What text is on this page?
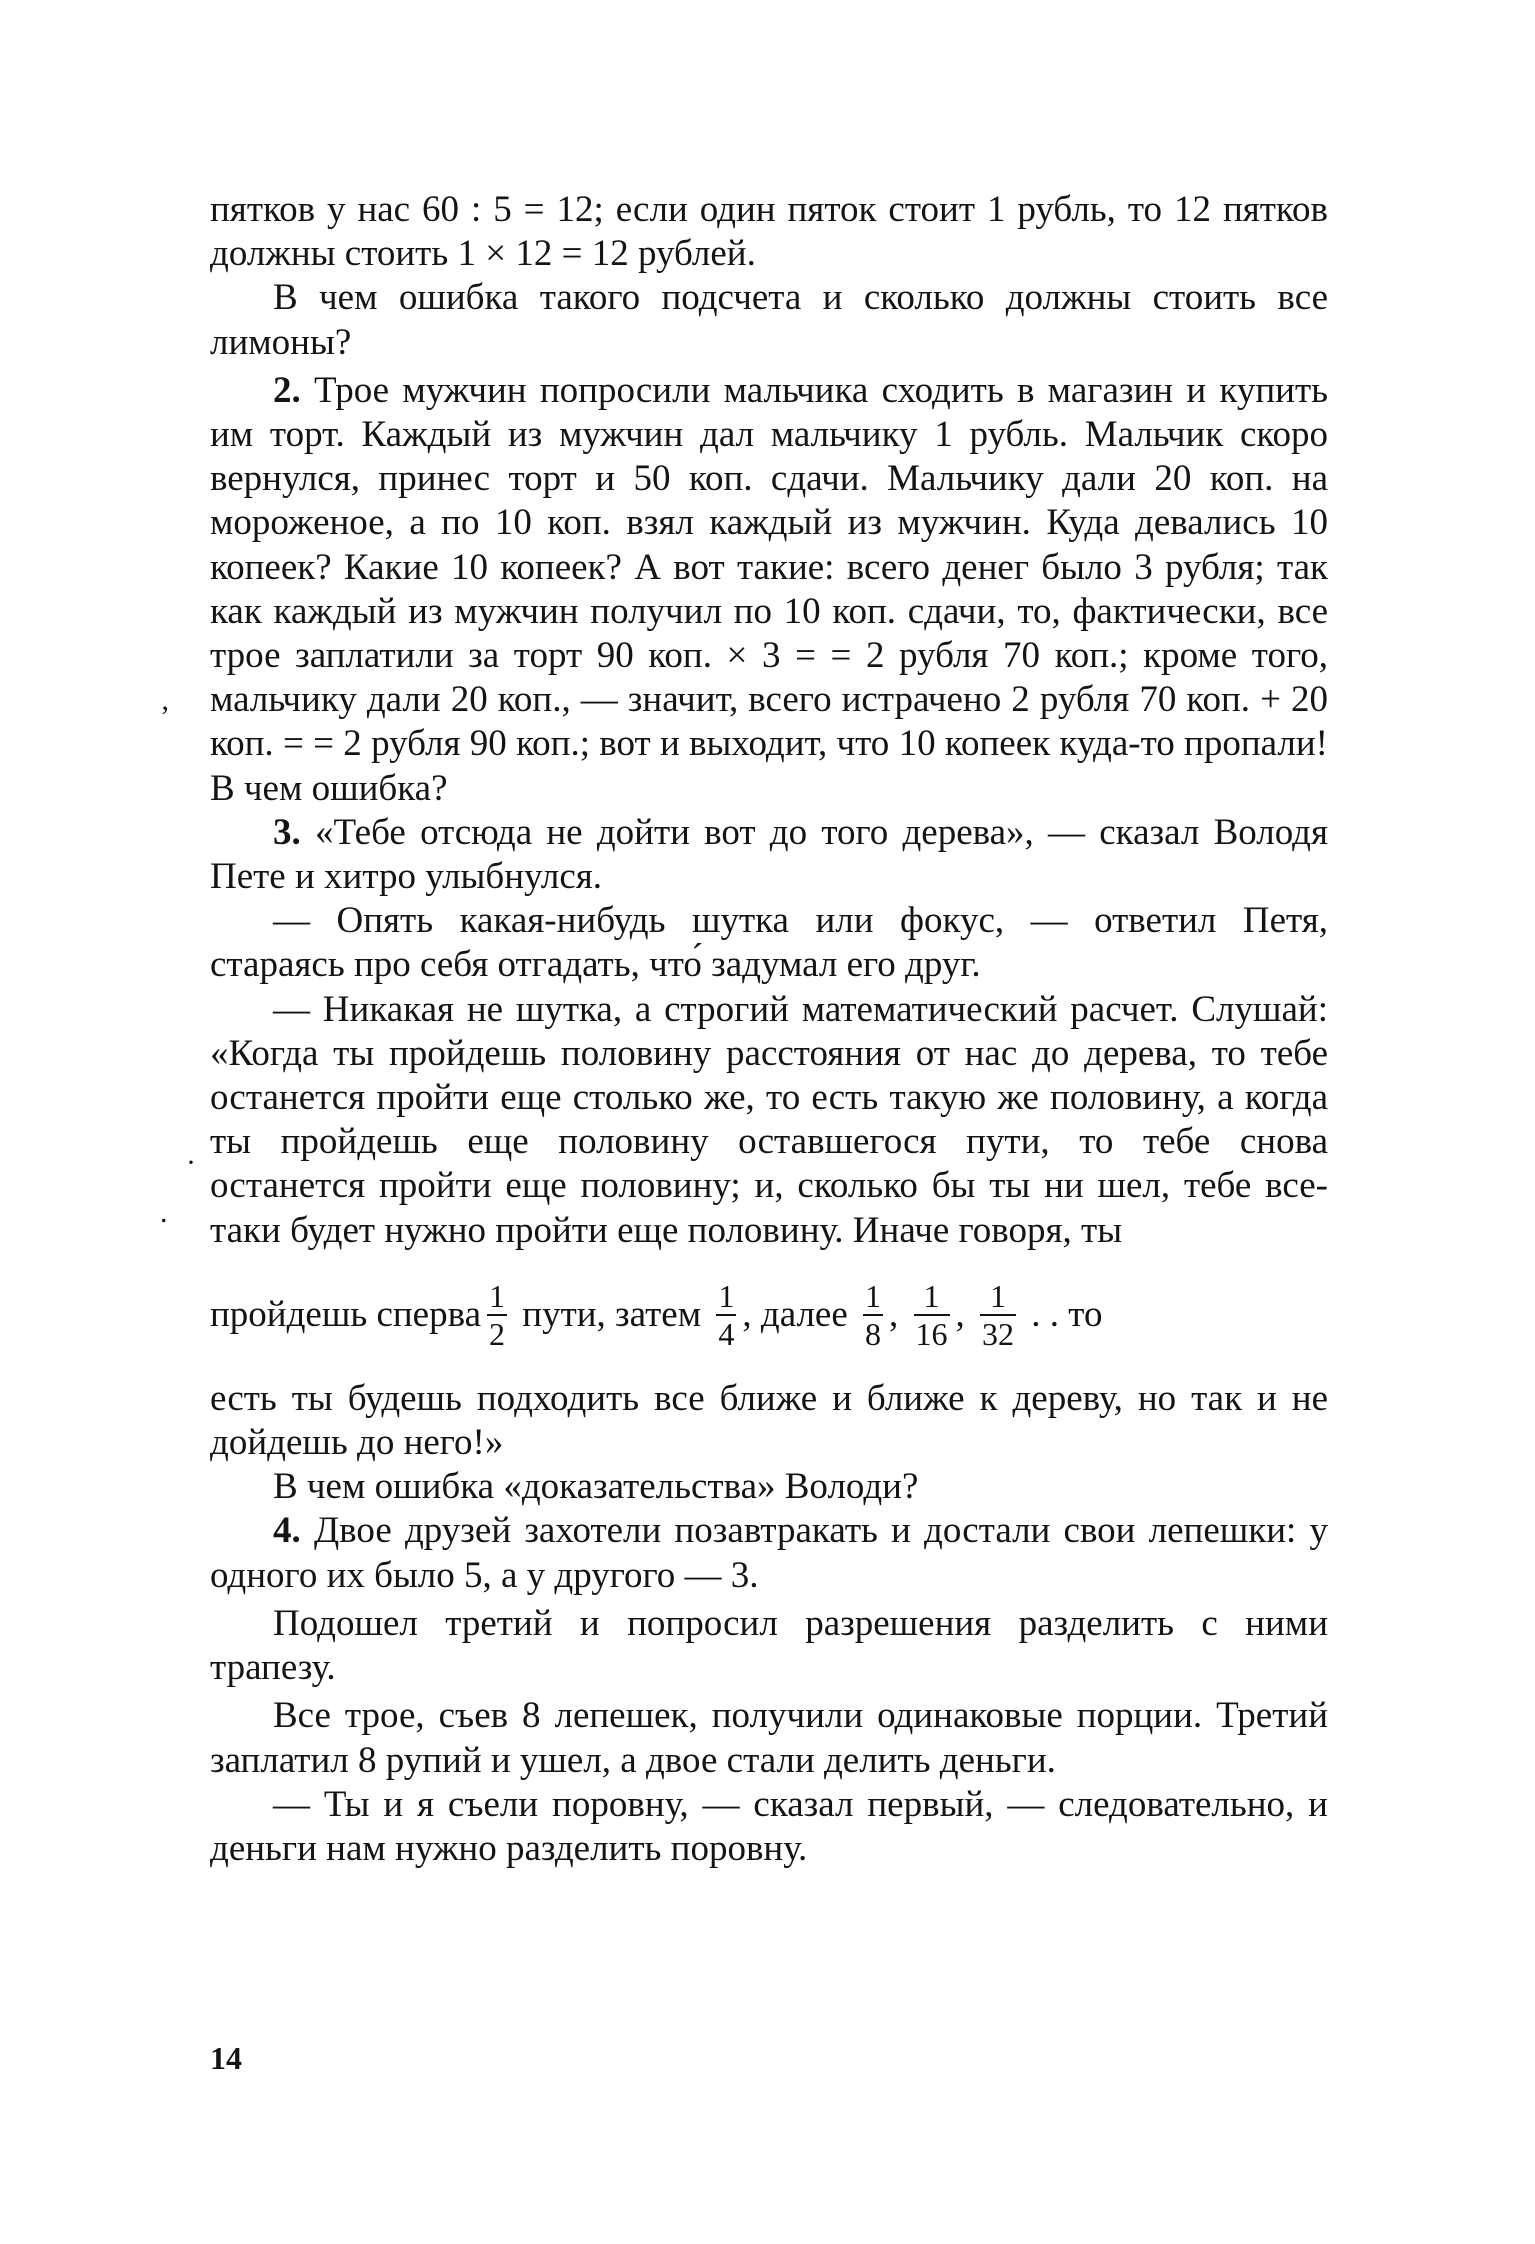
’
·
.

пятков у нас 60 : 5 = 12; если один пяток стоит 1 рубль, то 12 пятков должны стоить 1 × 12 = 12 рублей.

В чем ошибка такого подсчета и сколько должны стоить все лимоны?

2. Трое мужчин попросили мальчика сходить в магазин и купить им торт. Каждый из мужчин дал мальчику 1 рубль. Мальчик скоро вернулся, принес торт и 50 коп. сдачи. Мальчику дали 20 коп. на мороженое, а по 10 коп. взял каждый из мужчин. Куда девались 10 копеек? Какие 10 копеек? А вот такие: всего денег было 3 рубля; так как каждый из мужчин получил по 10 коп. сдачи, то, фактически, все трое заплатили за торт 90 коп. × 3 = = 2 рубля 70 коп.; кроме того, мальчику дали 20 коп., — значит, всего истрачено 2 рубля 70 коп. + 20 коп. = = 2 рубля 90 коп.; вот и выходит, что 10 копеек куда-то пропали! В чем ошибка?

3. «Тебе отсюда не дойти вот до того дерева», — сказал Володя Пете и хитро улыбнулся.

— Опять какая-нибудь шутка или фокус, — ответил Петя, стараясь про себя отгадать, что́ задумал его друг.

— Никакая не шутка, а строгий математический расчет. Слушай: «Когда ты пройдешь половину расстояния от нас до дерева, то тебе останется пройти еще столько же, то есть такую же половину, а когда ты пройдешь еще половину оставшегося пути, то тебе снова останется пройти еще половину; и, сколько бы ты ни шел, тебе все-таки будет нужно пройти еще половину. Иначе говоря, ты

пройдешь сперва $\frac{1}{2}$ пути, затем $\frac{1}{4}$ , далее $\frac{1}{8}$ , $\frac{1}{16}$ , $\frac{1}{32}$ . . то

есть ты будешь подходить все ближе и ближе к дереву, но так и не дойдешь до него!»

В чем ошибка «доказательства» Володи?

4. Двое друзей захотели позавтракать и достали свои лепешки: у одного их было 5, а у другого — 3.

Подошел третий и попросил разрешения разделить с ними трапезу.

Все трое, съев 8 лепешек, получили одинаковые порции. Третий заплатил 8 рупий и ушел, а двое стали делить деньги.

— Ты и я съели поровну, — сказал первый, — следовательно, и деньги нам нужно разделить поровну.

14
